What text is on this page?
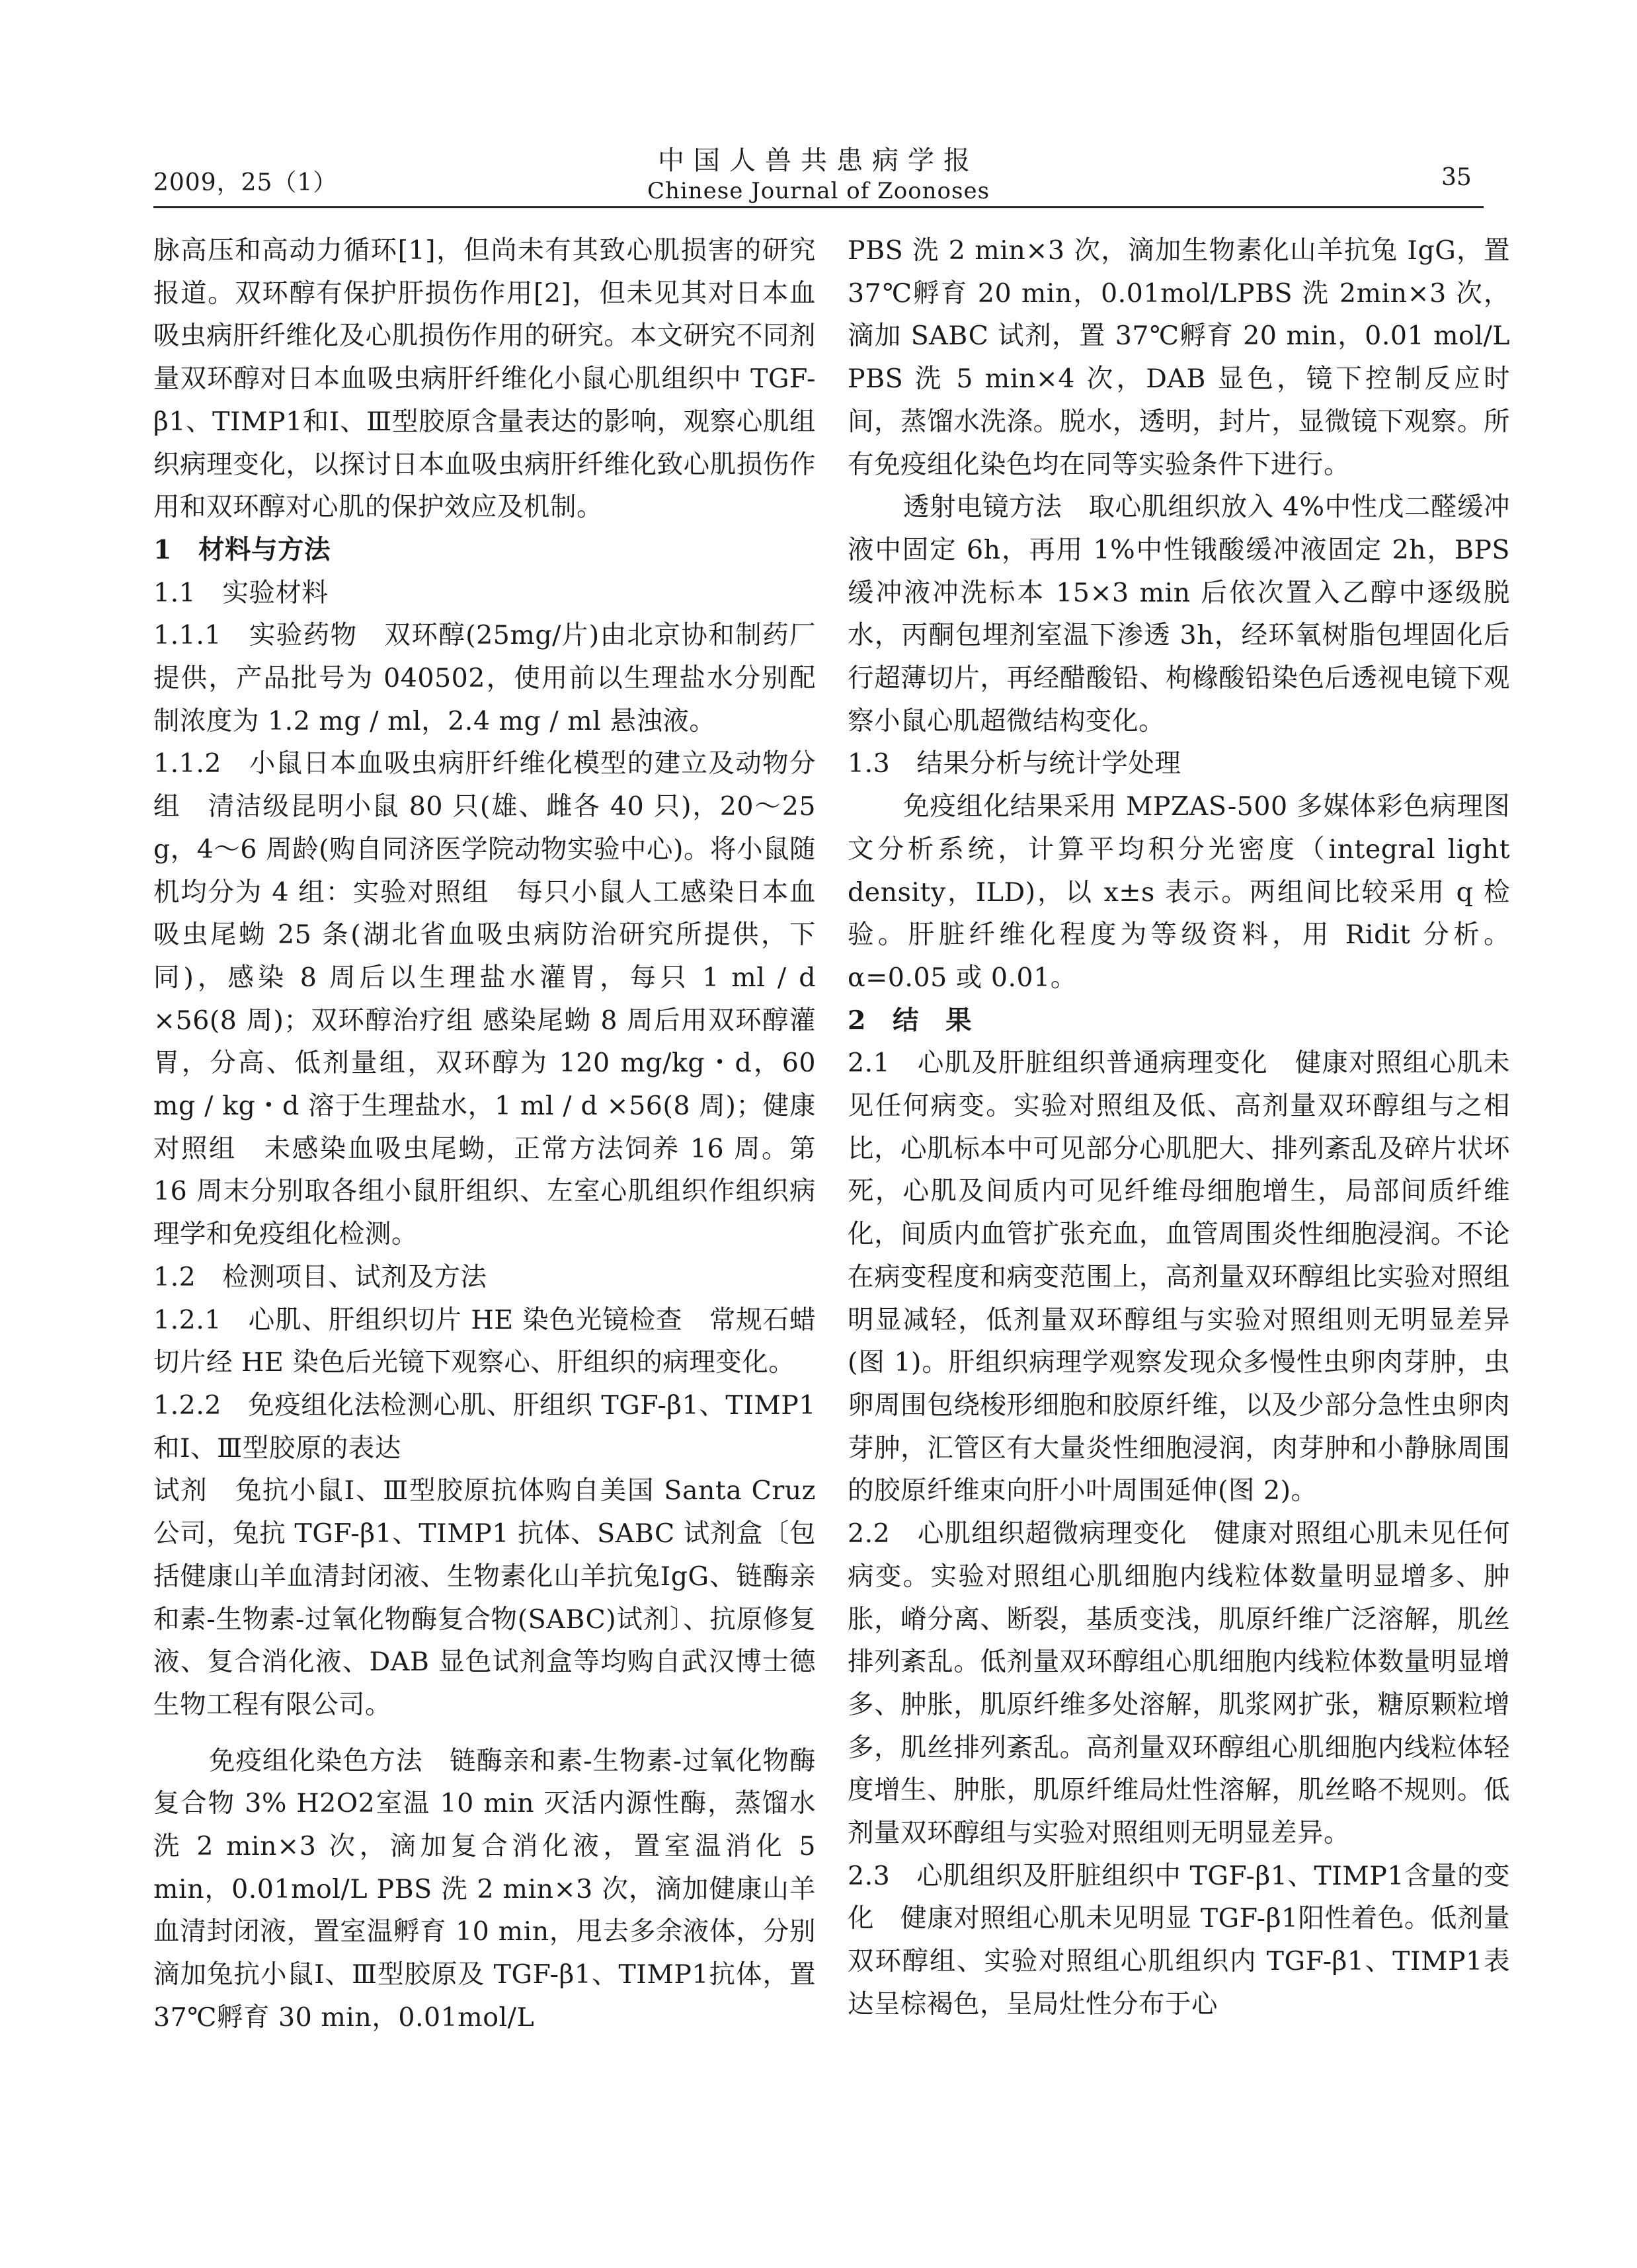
2009，25（1）
中国人兽共患病学报
Chinese Journal of Zoonoses	35

脉高压和高动力循环[1]，但尚未有其致心肌损害的研究报道。双环醇有保护肝损伤作用[2]，但未见其对日本血吸虫病肝纤维化及心肌损伤作用的研究。本文研究不同剂量双环醇对日本血吸虫病肝纤维化小鼠心肌组织中 TGF-β1、TIMP1和Ⅰ、Ⅲ型胶原含量表达的影响，观察心肌组织病理变化，以探讨日本血吸虫病肝纤维化致心肌损伤作用和双环醇对心肌的保护效应及机制。

1　材料与方法

1.1　实验材料

1.1.1　实验药物　双环醇(25mg/片)由北京协和制药厂提供，产品批号为 040502，使用前以生理盐水分别配制浓度为 1.2 mg / ml，2.4 mg / ml 悬浊液。

1.1.2　小鼠日本血吸虫病肝纤维化模型的建立及动物分组　清洁级昆明小鼠 80 只(雄、雌各 40 只)，20～25 g，4～6 周龄(购自同济医学院动物实验中心)。将小鼠随机均分为 4 组：实验对照组　每只小鼠人工感染日本血吸虫尾蚴 25 条(湖北省血吸虫病防治研究所提供，下同)，感染 8 周后以生理盐水灌胃，每只 1 ml / d ×56(8 周)；双环醇治疗组 感染尾蚴 8 周后用双环醇灌胃，分高、低剂量组，双环醇为 120 mg/kg・d，60 mg / kg・d 溶于生理盐水，1 ml / d ×56(8 周)；健康对照组　未感染血吸虫尾蚴，正常方法饲养 16 周。第 16 周末分别取各组小鼠肝组织、左室心肌组织作组织病理学和免疫组化检测。

1.2　检测项目、试剂及方法

1.2.1　心肌、肝组织切片 HE 染色光镜检查　常规石蜡切片经 HE 染色后光镜下观察心、肝组织的病理变化。

1.2.2　免疫组化法检测心肌、肝组织 TGF-β1、TIMP1和Ⅰ、Ⅲ型胶原的表达

试剂　兔抗小鼠Ⅰ、Ⅲ型胶原抗体购自美国 Santa Cruz 公司，兔抗 TGF-β1、TIMP1 抗体、SABC 试剂盒〔包括健康山羊血清封闭液、生物素化山羊抗兔IgG、链酶亲和素-生物素-过氧化物酶复合物(SABC)试剂〕、抗原修复液、复合消化液、DAB 显色试剂盒等均购自武汉博士德生物工程有限公司。

免疫组化染色方法　链酶亲和素-生物素-过氧化物酶复合物 3% H2O2室温 10 min 灭活内源性酶，蒸馏水洗 2 min×3 次，滴加复合消化液，置室温消化 5 min，0.01mol/L PBS 洗 2 min×3 次，滴加健康山羊血清封闭液，置室温孵育 10 min，甩去多余液体，分别滴加兔抗小鼠Ⅰ、Ⅲ型胶原及 TGF-β1、TIMP1抗体，置 37℃孵育 30 min，0.01mol/L

PBS 洗 2 min×3 次，滴加生物素化山羊抗兔 IgG，置 37℃孵育 20 min，0.01mol/LPBS 洗 2min×3 次，滴加 SABC 试剂，置 37℃孵育 20 min，0.01 mol/L PBS 洗 5 min×4 次，DAB 显色，镜下控制反应时间，蒸馏水洗涤。脱水，透明，封片，显微镜下观察。所有免疫组化染色均在同等实验条件下进行。

透射电镜方法　取心肌组织放入 4%中性戊二醛缓冲液中固定 6h，再用 1%中性锇酸缓冲液固定 2h，BPS 缓冲液冲洗标本 15×3 min 后依次置入乙醇中逐级脱水，丙酮包埋剂室温下渗透 3h，经环氧树脂包埋固化后行超薄切片，再经醋酸铅、枸橼酸铅染色后透视电镜下观察小鼠心肌超微结构变化。

1.3　结果分析与统计学处理

免疫组化结果采用 MPZAS-500 多媒体彩色病理图文分析系统，计算平均积分光密度（integral light density，ILD)，以 x±s 表示。两组间比较采用 q 检验。肝脏纤维化程度为等级资料，用 Ridit 分析。α=0.05 或 0.01。

2　结　果

2.1　心肌及肝脏组织普通病理变化　健康对照组心肌未见任何病变。实验对照组及低、高剂量双环醇组与之相比，心肌标本中可见部分心肌肥大、排列紊乱及碎片状坏死，心肌及间质内可见纤维母细胞增生，局部间质纤维化，间质内血管扩张充血，血管周围炎性细胞浸润。不论在病变程度和病变范围上，高剂量双环醇组比实验对照组明显减轻，低剂量双环醇组与实验对照组则无明显差异(图 1)。肝组织病理学观察发现众多慢性虫卵肉芽肿，虫卵周围包绕梭形细胞和胶原纤维，以及少部分急性虫卵肉芽肿，汇管区有大量炎性细胞浸润，肉芽肿和小静脉周围的胶原纤维束向肝小叶周围延伸(图 2)。

2.2　心肌组织超微病理变化　健康对照组心肌未见任何病变。实验对照组心肌细胞内线粒体数量明显增多、肿胀，嵴分离、断裂，基质变浅，肌原纤维广泛溶解，肌丝排列紊乱。低剂量双环醇组心肌细胞内线粒体数量明显增多、肿胀，肌原纤维多处溶解，肌浆网扩张，糖原颗粒增多，肌丝排列紊乱。高剂量双环醇组心肌细胞内线粒体轻度增生、肿胀，肌原纤维局灶性溶解，肌丝略不规则。低剂量双环醇组与实验对照组则无明显差异。

2.3　心肌组织及肝脏组织中 TGF-β1、TIMP1含量的变化　健康对照组心肌未见明显 TGF-β1阳性着色。低剂量双环醇组、实验对照组心肌组织内 TGF-β1、TIMP1表达呈棕褐色，呈局灶性分布于心
